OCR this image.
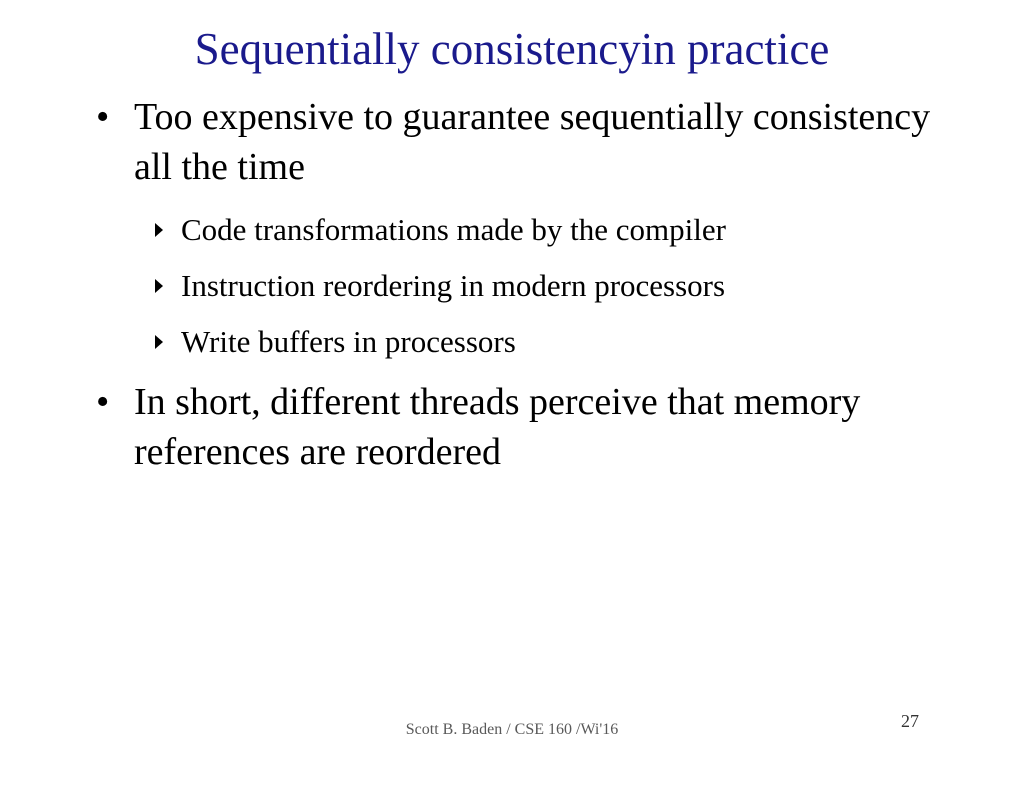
Sequentially consistencyin practice
• Too expensive to guarantee sequentially consistency all the time
Code transformations made by the compiler
Instruction reordering in modern processors
Write buffers in processors
• In short, different threads perceive that memory references are reordered
Scott B. Baden / CSE 160 /Wi'16	27
